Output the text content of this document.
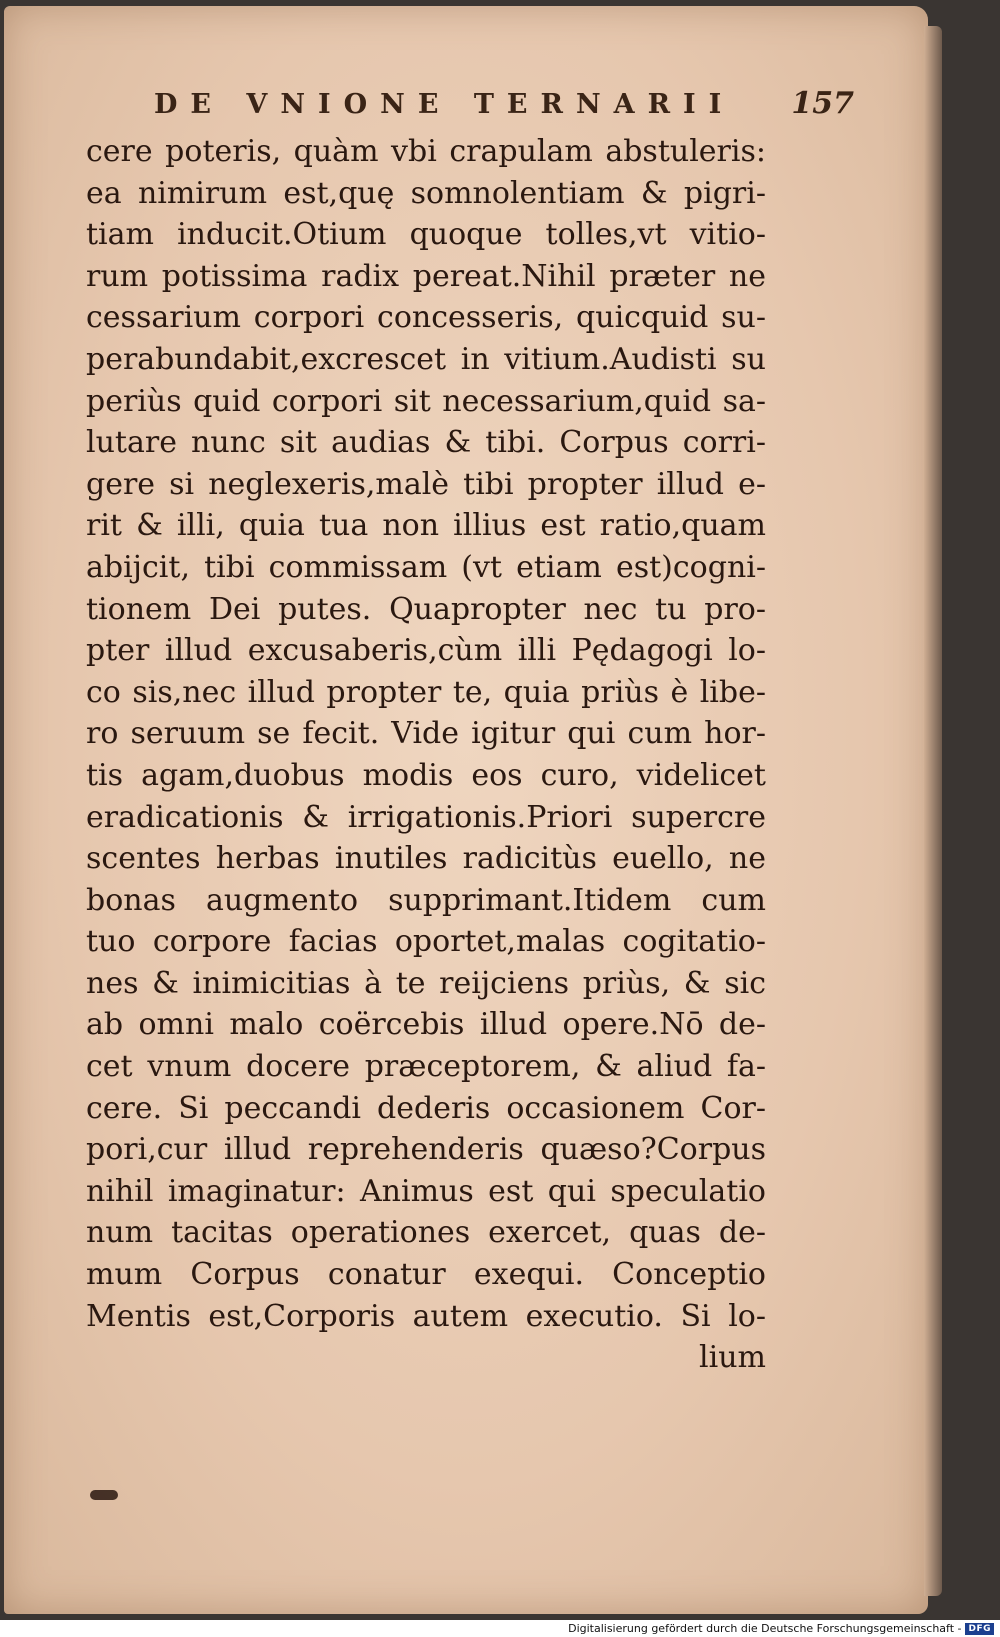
DE VNIONE TERNARII 157
cere poteris, quàm vbi crapulam abstuleris:
ea nimirum est,quę somnolentiam & pigri-
tiam inducit.Otium quoque tolles,vt vitio-
rum potissima radix pereat.Nihil præter ne
cessarium corpori concesseris, quicquid su-
perabundabit,excrescet in vitium.Audisti su
periùs quid corpori sit necessarium,quid sa-
lutare nunc sit audias & tibi. Corpus corri-
gere si neglexeris,malè tibi propter illud e-
rit & illi, quia tua non illius est ratio,quam
abijcit, tibi commissam (vt etiam est)cogni-
tionem Dei putes. Quapropter nec tu pro-
pter illud excusaberis,cùm illi Pędagogi lo-
co sis,nec illud propter te, quia priùs è libe-
ro seruum se fecit. Vide igitur qui cum hor-
tis agam,duobus modis eos curo, videlicet
eradicationis & irrigationis.Priori supercre
scentes herbas inutiles radicitùs euello, ne
bonas augmento supprimant.Itidem cum
tuo corpore facias oportet,malas cogitatio-
nes & inimicitias à te reijciens priùs, & sic
ab omni malo coërcebis illud opere.Nō de-
cet vnum docere præceptorem, & aliud fa-
cere. Si peccandi dederis occasionem Cor-
pori,cur illud reprehenderis quæso?Corpus
nihil imaginatur: Animus est qui speculatio
num tacitas operationes exercet, quas de-
mum Corpus conatur exequi. Conceptio
Mentis est,Corporis autem executio. Si lo-
lium
Digitalisierung gefördert durch die Deutsche Forschungsgemeinschaft - DFG
